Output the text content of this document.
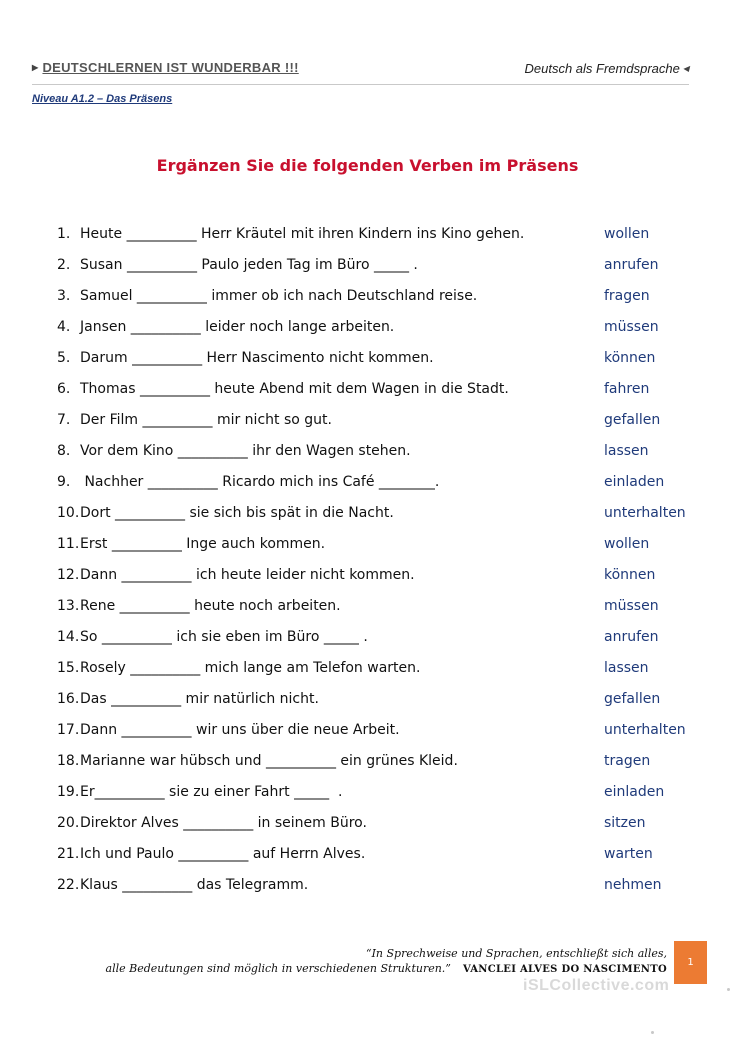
▶ DEUTSCHLERNEN IST WUNDERBAR !!!	Deutsch als Fremdsprache ◀
Niveau A1.2 – Das Präsens
Ergänzen Sie die folgenden Verben im Präsens
1. Heute __________ Herr Kräutel mit ihren Kindern ins Kino gehen.	wollen
2. Susan __________ Paulo jeden Tag im Büro _____ .	anrufen
3. Samuel __________ immer ob ich nach Deutschland reise.	fragen
4. Jansen __________ leider noch lange arbeiten.	müssen
5. Darum __________ Herr Nascimento nicht kommen.	können
6. Thomas __________ heute Abend mit dem Wagen in die Stadt.	fahren
7. Der Film __________ mir nicht so gut.	gefallen
8. Vor dem Kino __________ ihr den Wagen stehen.	lassen
9. Nachher __________ Ricardo mich ins Café ________.	einladen
10. Dort __________ sie sich bis spät in die Nacht.	unterhalten
11. Erst __________ Inge auch kommen.	wollen
12. Dann __________ ich heute leider nicht kommen.	können
13. Rene __________ heute noch arbeiten.	müssen
14. So __________ ich sie eben im Büro _____ .	anrufen
15. Rosely __________ mich lange am Telefon warten.	lassen
16. Das __________ mir natürlich nicht.	gefallen
17. Dann __________ wir uns über die neue Arbeit.	unterhalten
18. Marianne war hübsch und __________ ein grünes Kleid.	tragen
19. Er__________ sie zu einer Fahrt _____  .	einladen
20. Direktor Alves __________ in seinem Büro.	sitzen
21. Ich und Paulo __________ auf Herrn Alves.	warten
22. Klaus __________ das Telegramm.	nehmen
“In Sprechweise und Sprachen, entschließt sich alles,
alle Bedeutungen sind möglich in verschiedenen Strukturen.” VANCLEI ALVES DO NASCIMENTO
1
iSLCollective.com
